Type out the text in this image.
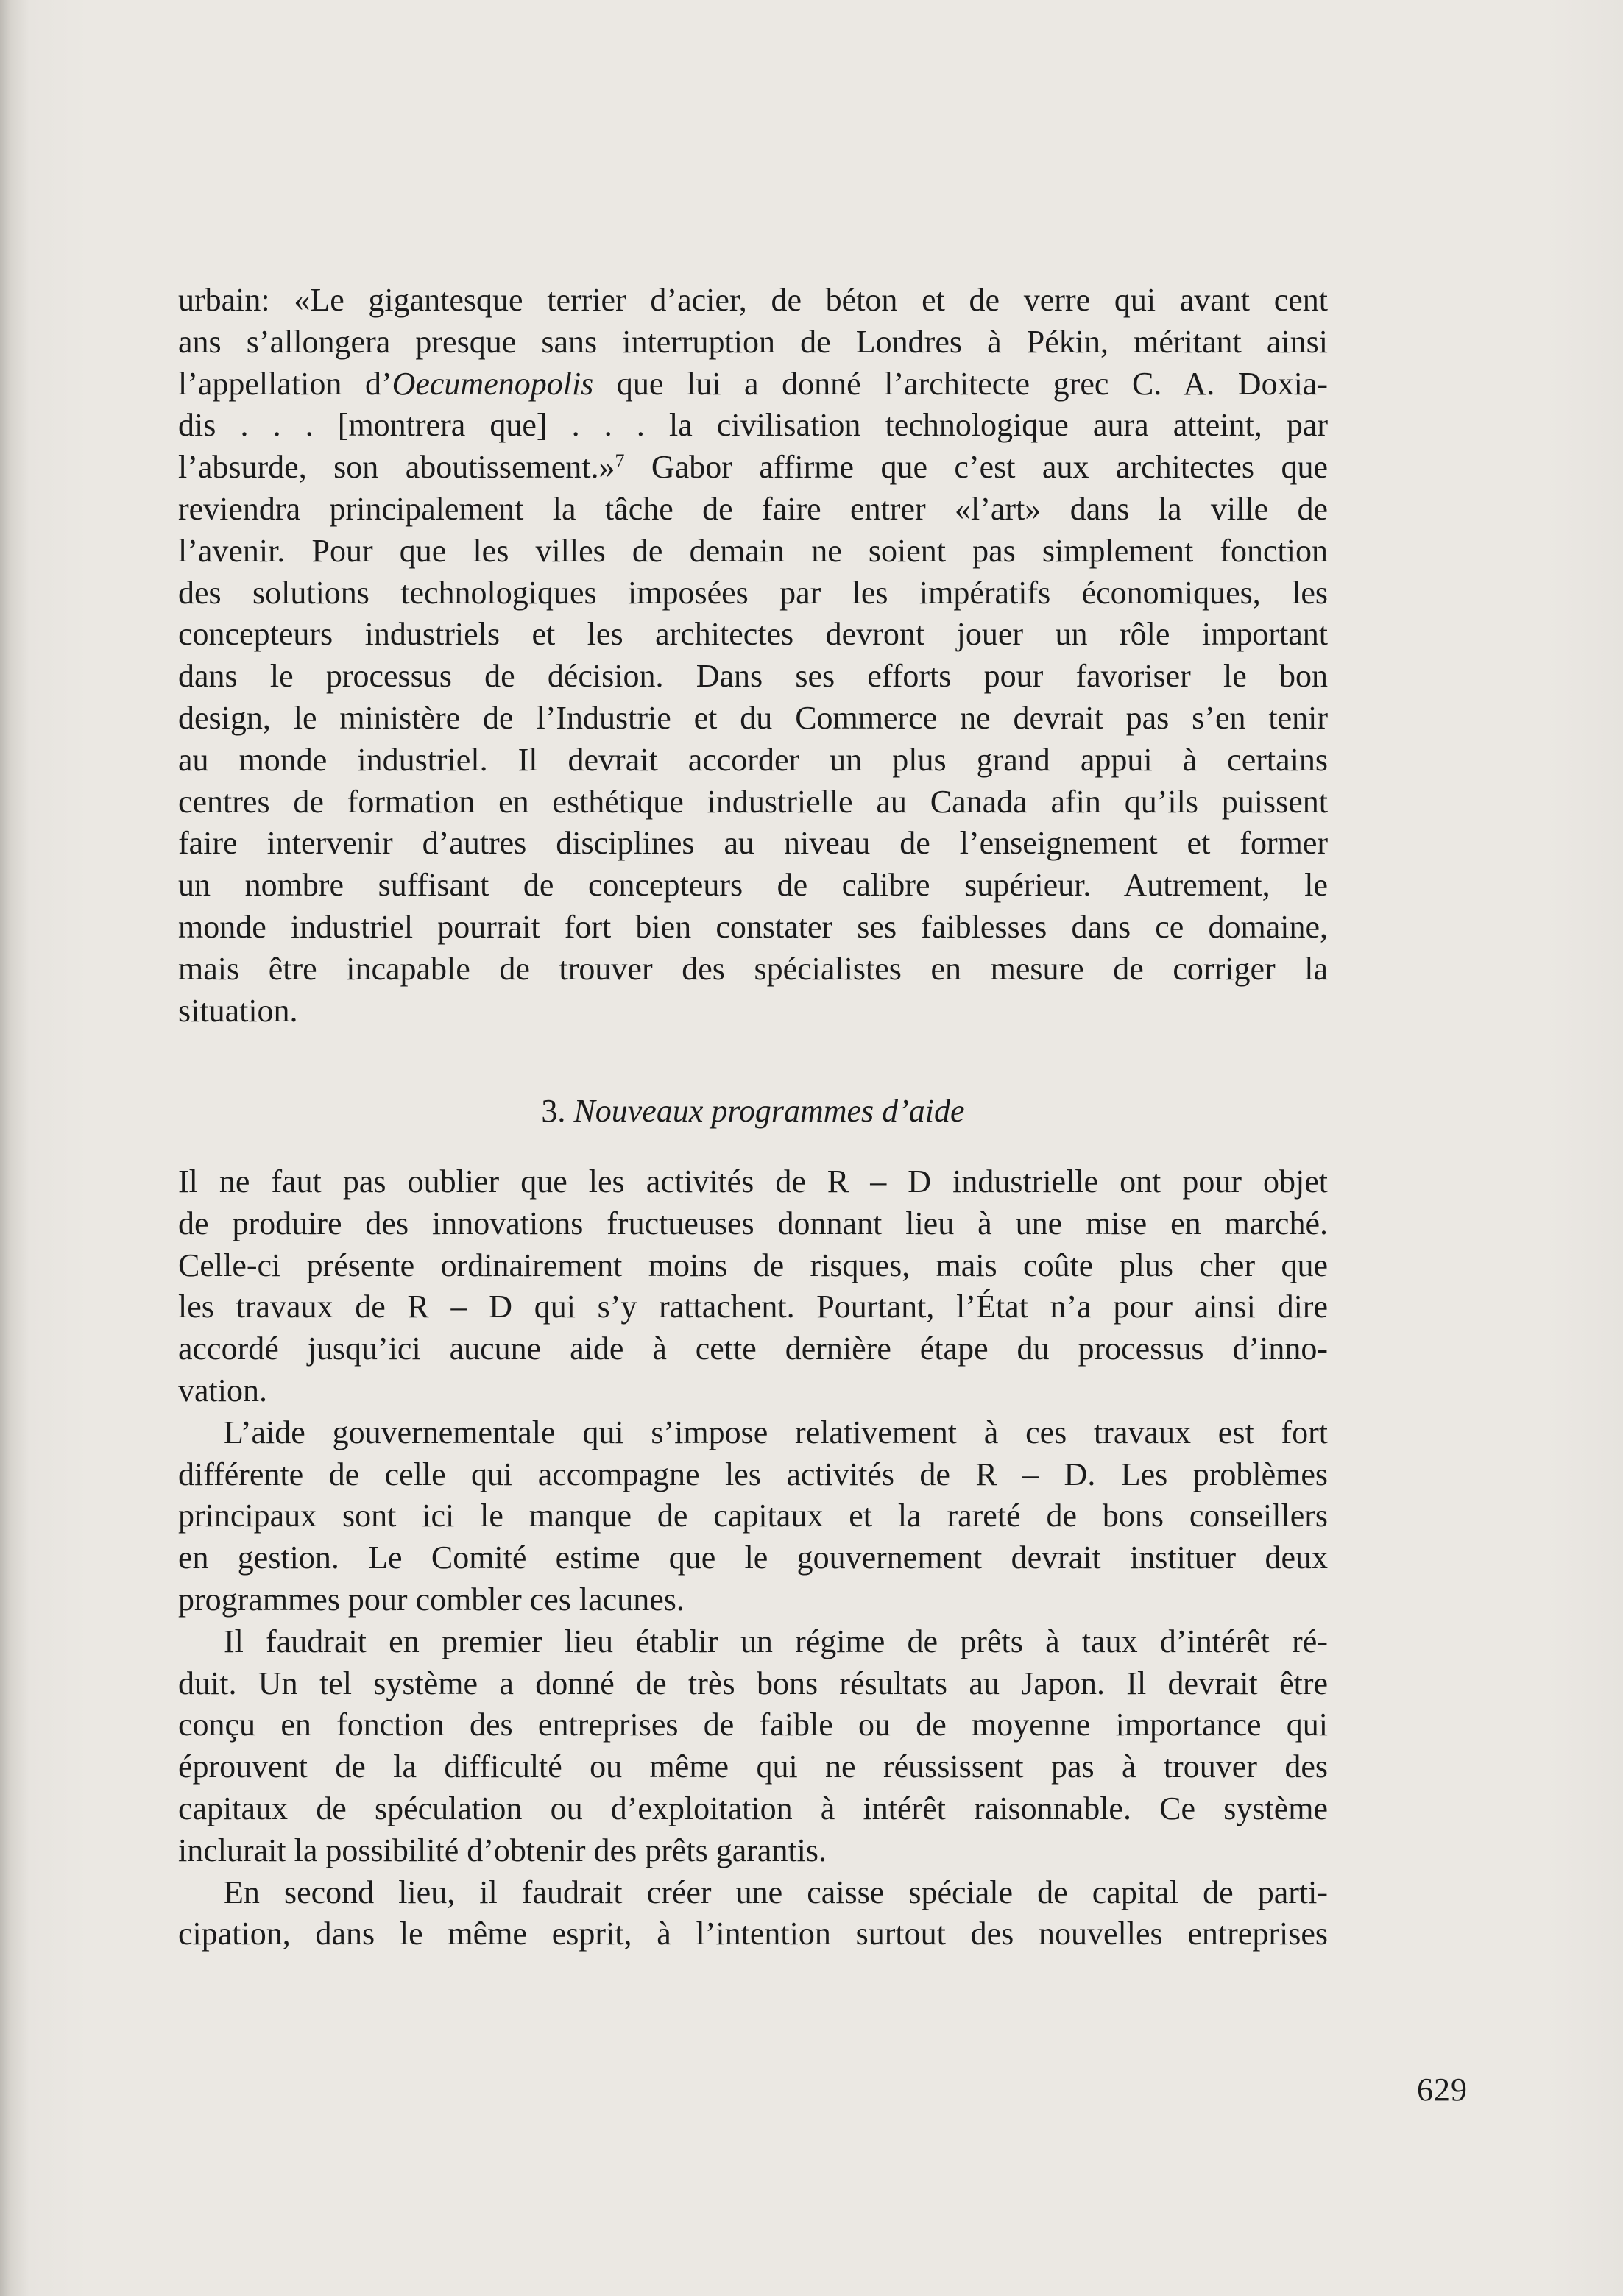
urbain: «Le gigantesque terrier d’acier, de béton et de verre qui avant cent
ans s’allongera presque sans interruption de Londres à Pékin, méritant ainsi
l’appellation d’Oecumenopolis que lui a donné l’architecte grec C. A. Doxia-
dis . . . [montrera que] . . . la civilisation technologique aura atteint, par
l’absurde, son aboutissement.»$^7$ Gabor affirme que c’est aux architectes que
reviendra principalement la tâche de faire entrer «l’art» dans la ville de
l’avenir. Pour que les villes de demain ne soient pas simplement fonction
des solutions technologiques imposées par les impératifs économiques, les
concepteurs industriels et les architectes devront jouer un rôle important
dans le processus de décision. Dans ses efforts pour favoriser le bon
design, le ministère de l’Industrie et du Commerce ne devrait pas s’en tenir
au monde industriel. Il devrait accorder un plus grand appui à certains
centres de formation en esthétique industrielle au Canada afin qu’ils puissent
faire intervenir d’autres disciplines au niveau de l’enseignement et former
un nombre suffisant de concepteurs de calibre supérieur. Autrement, le
monde industriel pourrait fort bien constater ses faiblesses dans ce domaine,
mais être incapable de trouver des spécialistes en mesure de corriger la
situation.

3. Nouveaux programmes d’aide

Il ne faut pas oublier que les activités de R – D industrielle ont pour objet
de produire des innovations fructueuses donnant lieu à une mise en marché.
Celle-ci présente ordinairement moins de risques, mais coûte plus cher que
les travaux de R – D qui s’y rattachent. Pourtant, l’État n’a pour ainsi dire
accordé jusqu’ici aucune aide à cette dernière étape du processus d’inno-
vation.

L’aide gouvernementale qui s’impose relativement à ces travaux est fort
différente de celle qui accompagne les activités de R – D. Les problèmes
principaux sont ici le manque de capitaux et la rareté de bons conseillers
en gestion. Le Comité estime que le gouvernement devrait instituer deux
programmes pour combler ces lacunes.

Il faudrait en premier lieu établir un régime de prêts à taux d’intérêt ré-
duit. Un tel système a donné de très bons résultats au Japon. Il devrait être
conçu en fonction des entreprises de faible ou de moyenne importance qui
éprouvent de la difficulté ou même qui ne réussissent pas à trouver des
capitaux de spéculation ou d’exploitation à intérêt raisonnable. Ce système
inclurait la possibilité d’obtenir des prêts garantis.

En second lieu, il faudrait créer une caisse spéciale de capital de parti-
cipation, dans le même esprit, à l’intention surtout des nouvelles entreprises

629
